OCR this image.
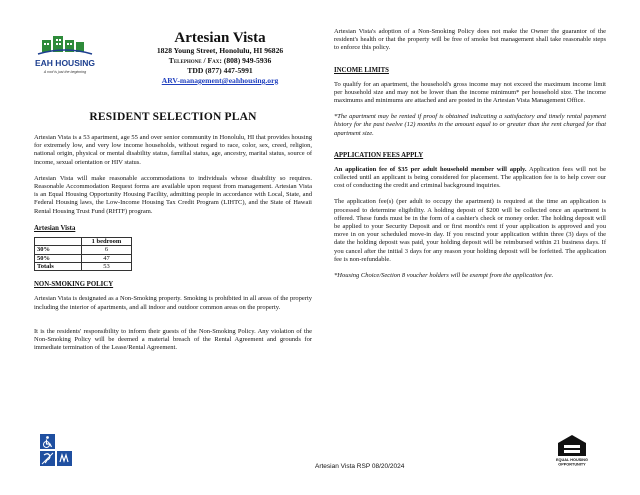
EAH HOUSING
A roof is just the beginning
Artesian Vista
1828 Young Street, Honolulu, HI 96826
Telephone / Fax: (808) 949-5936
TDD (877) 447-5991
ARV-management@eahhousing.org
RESIDENT SELECTION PLAN

Artesian Vista is a 53 apartment, age 55 and over senior community in Honolulu, HI that provides housing for extremely low, and very low income households, without regard to race, color, sex, creed, religion, national origin, physical or mental disability status, familial status, age, ancestry, marital status, source of income, sexual orientation or HIV status.

Artesian Vista will make reasonable accommodations to individuals whose disability so requires. Reasonable Accommodation Request forms are available upon request from management. Artesian Vista is an Equal Housing Opportunity Housing Facility, admitting people in accordance with Local, State, and Federal Housing laws, the Low-Income Housing Tax Credit Program (LIHTC), and the State of Hawaii Rental Housing Trust Fund (RHTF) program.

Artesian Vista
	1 bedroom
30%	6
50%	47
Totals	53
NON-SMOKING POLICY

Artesian Vista is designated as a Non-Smoking property. Smoking is prohibited in all areas of the property including the interior of apartments, and all indoor and outdoor common areas on the property.

It is the residents' responsibility to inform their guests of the Non-Smoking Policy. Any violation of the Non-Smoking Policy will be deemed a material breach of the Rental Agreement and grounds for immediate termination of the Lease/Rental Agreement.

Artesian Vista's adoption of a Non-Smoking Policy does not make the Owner the guarantor of the resident's health or that the property will be free of smoke but management shall take reasonable steps to enforce this policy.

INCOME LIMITS

To qualify for an apartment, the household's gross income may not exceed the maximum income limit per household size and may not be lower than the income minimum* per household size. The income maximums and minimums are attached and are posted in the Artesian Vista Management Office.

*The apartment may be rented if proof is obtained indicating a satisfactory and timely rental payment history for the past twelve (12) months in the amount equal to or greater than the rent charged for that apartment size.

APPLICATION FEES APPLY

An application fee of $35 per adult household member will apply. Application fees will not be collected until an applicant is being considered for placement. The application fee is to help cover our cost of conducting the credit and criminal background inquiries.

The application fee(s) (per adult to occupy the apartment) is required at the time an application is processed to determine eligibility. A holding deposit of $200 will be collected once an apartment is offered. These funds must be in the form of a cashier's check or money order. The holding deposit will be applied to your Security Deposit and or first month's rent if your application is approved and you move in on your scheduled move-in day. If you rescind your application within three (3) days of the date the holding deposit was paid, your holding deposit will be reimbursed within 21 business days. If you cancel after the initial 3 days for any reason your holding deposit will be forfeited. The application fee is non-refundable.

*Housing Choice/Section 8 voucher holders will be exempt from the application fee.

Artesian Vista RSP 08/20/2024
EQUAL HOUSING
OPPORTUNITY
